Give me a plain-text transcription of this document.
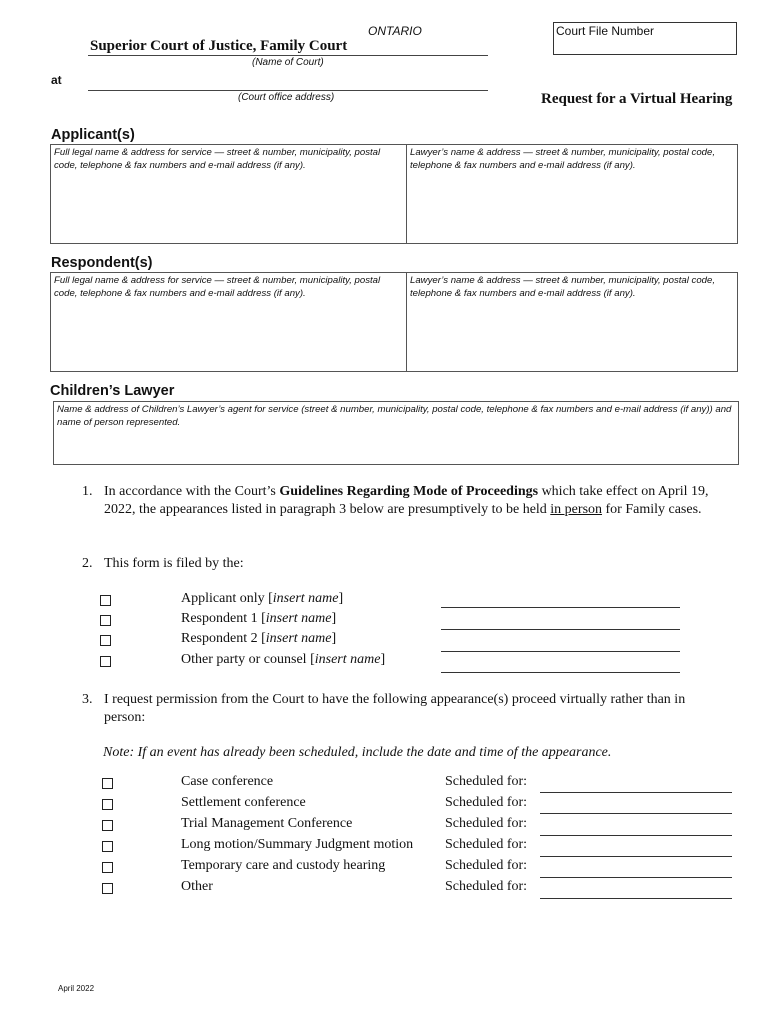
ONTARIO	Court File Number
Superior Court of Justice, Family Court
(Name of Court)
at
(Court office address)	Request for a Virtual Hearing
Applicant(s)
Full legal name & address for service — street & number, municipality, postal code, telephone & fax numbers and e-mail address (if any).
Lawyer’s name & address — street & number, municipality, postal code, telephone & fax numbers and e-mail address (if any).
Respondent(s)
Full legal name & address for service — street & number, municipality, postal code, telephone & fax numbers and e-mail address (if any).
Lawyer’s name & address — street & number, municipality, postal code, telephone & fax numbers and e-mail address (if any).
Children’s Lawyer
Name & address of Children’s Lawyer’s agent for service (street & number, municipality, postal code, telephone & fax numbers and e-mail address (if any)) and name of person represented.
1. In accordance with the Court’s Guidelines Regarding Mode of Proceedings which take effect on April 19, 2022, the appearances listed in paragraph 3 below are presumptively to be held in person for Family cases.
2. This form is filed by the:
Applicant only [insert name]
Respondent 1 [insert name]
Respondent 2 [insert name]
Other party or counsel [insert name]
3. I request permission from the Court to have the following appearance(s) proceed virtually rather than in person:
Note: If an event has already been scheduled, include the date and time of the appearance.
Case conference	Scheduled for:
Settlement conference	Scheduled for:
Trial Management Conference	Scheduled for:
Long motion/Summary Judgment motion Scheduled for:
Temporary care and custody hearing	Scheduled for:
Other	Scheduled for:
April 2022
